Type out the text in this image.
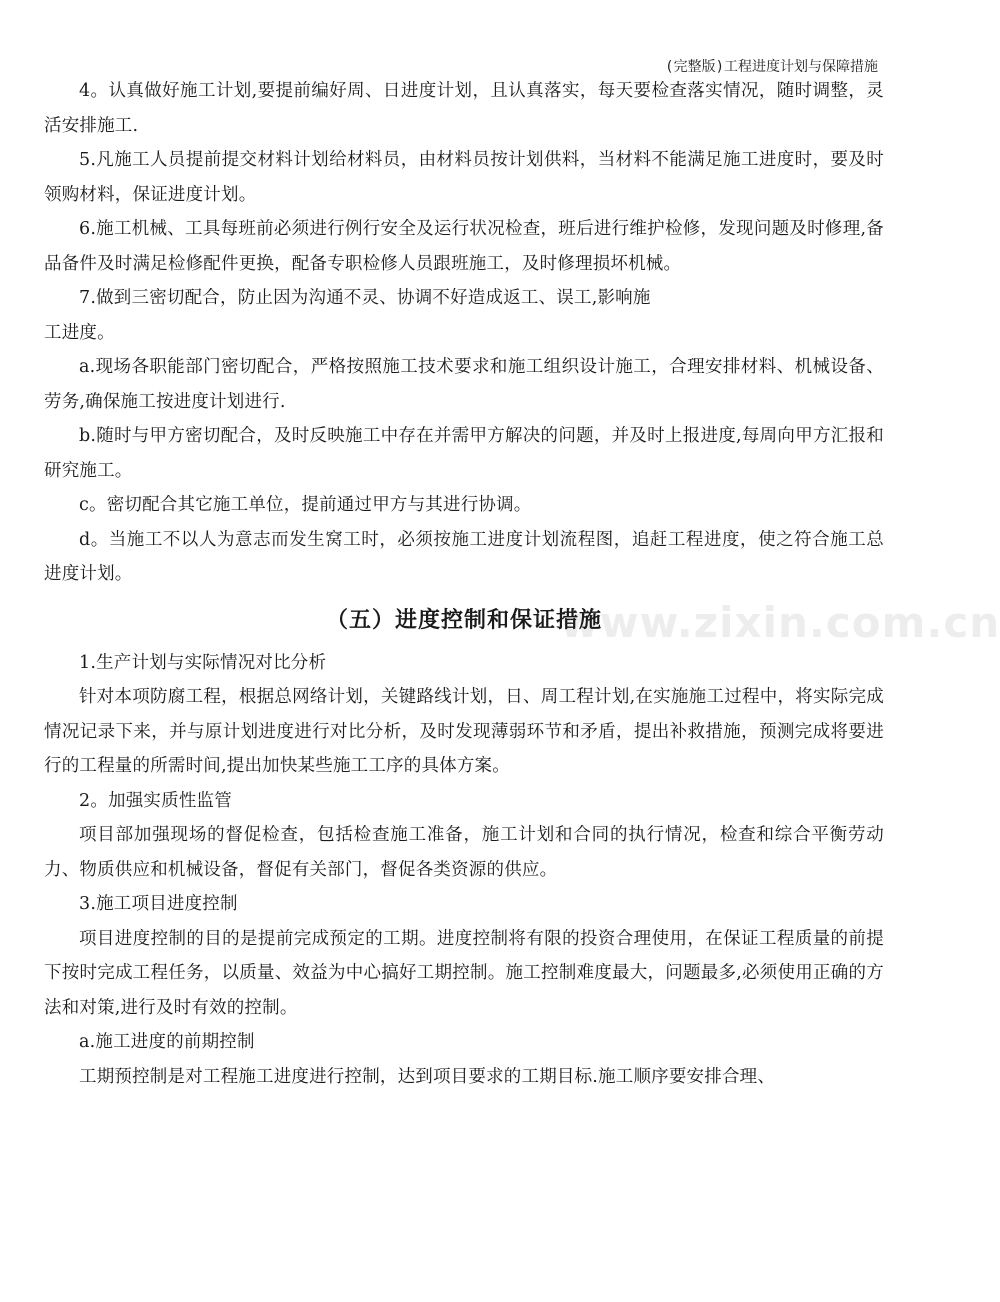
(完整版)工程进度计划与保障措施
www.zixin.com.cn

4。认真做好施工计划,要提前编好周、日进度计划，且认真落实，每天要检查落实情况，随时调整，灵活安排施工.

5.凡施工人员提前提交材料计划给材料员，由材料员按计划供料，当材料不能满足施工进度时，要及时领购材料，保证进度计划。

6.施工机械、工具每班前必须进行例行安全及运行状况检查，班后进行维护检修，发现问题及时修理,备品备件及时满足检修配件更换，配备专职检修人员跟班施工，及时修理损坏机械。

7.做到三密切配合，防止因为沟通不灵、协调不好造成返工、误工,影响施

工进度。

a.现场各职能部门密切配合，严格按照施工技术要求和施工组织设计施工，合理安排材料、机械设备、劳务,确保施工按进度计划进行.

b.随时与甲方密切配合，及时反映施工中存在并需甲方解决的问题，并及时上报进度,每周向甲方汇报和研究施工。

c。密切配合其它施工单位，提前通过甲方与其进行协调。

d。当施工不以人为意志而发生窝工时，必须按施工进度计划流程图，追赶工程进度，使之符合施工总进度计划。

（五）进度控制和保证措施

1.生产计划与实际情况对比分析

针对本项防腐工程，根据总网络计划，关键路线计划，日、周工程计划,在实施施工过程中，将实际完成情况记录下来，并与原计划进度进行对比分析，及时发现薄弱环节和矛盾，提出补救措施，预测完成将要进行的工程量的所需时间,提出加快某些施工工序的具体方案。

2。加强实质性监管

项目部加强现场的督促检查，包括检查施工准备，施工计划和合同的执行情况，检查和综合平衡劳动力、物质供应和机械设备，督促有关部门，督促各类资源的供应。

3.施工项目进度控制

项目进度控制的目的是提前完成预定的工期。进度控制将有限的投资合理使用，在保证工程质量的前提下按时完成工程任务，以质量、效益为中心搞好工期控制。施工控制难度最大，问题最多,必须使用正确的方法和对策,进行及时有效的控制。

a.施工进度的前期控制

工期预控制是对工程施工进度进行控制，达到项目要求的工期目标.施工顺序要安排合理、
